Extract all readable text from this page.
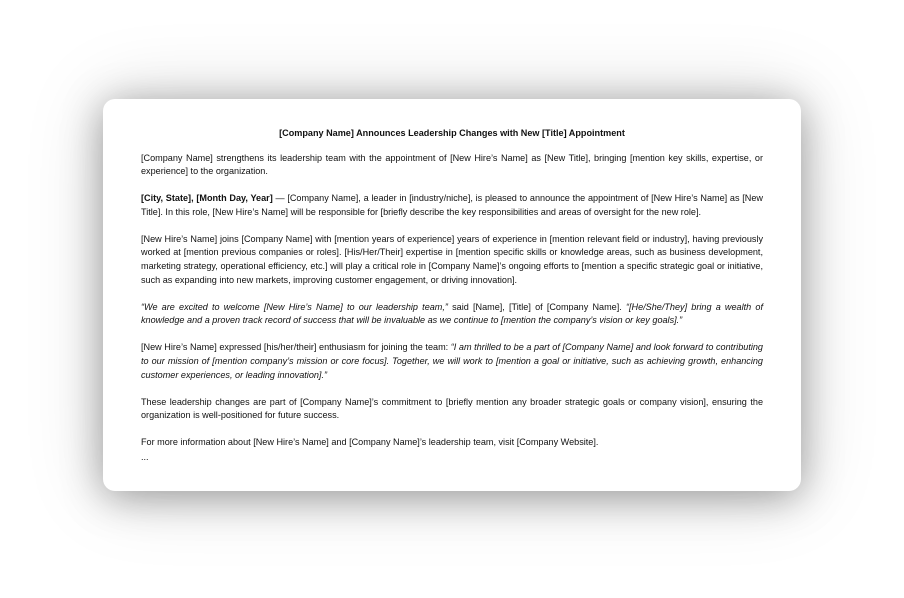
[Company Name] Announces Leadership Changes with New [Title] Appointment

[Company Name] strengthens its leadership team with the appointment of [New Hire’s Name] as [New Title], bringing [mention key skills, expertise, or experience] to the organization.

[City, State], [Month Day, Year] — [Company Name], a leader in [industry/niche], is pleased to announce the appointment of [New Hire’s Name] as [New Title]. In this role, [New Hire’s Name] will be responsible for [briefly describe the key responsibilities and areas of oversight for the new role].

[New Hire’s Name] joins [Company Name] with [mention years of experience] years of experience in [mention relevant field or industry], having previously worked at [mention previous companies or roles]. [His/Her/Their] expertise in [mention specific skills or knowledge areas, such as business development, marketing strategy, operational efficiency, etc.] will play a critical role in [Company Name]’s ongoing efforts to [mention a specific strategic goal or initiative, such as expanding into new markets, improving customer engagement, or driving innovation].

“We are excited to welcome [New Hire’s Name] to our leadership team,” said [Name], [Title] of [Company Name]. “[He/She/They] bring a wealth of knowledge and a proven track record of success that will be invaluable as we continue to [mention the company’s vision or key goals].”

[New Hire’s Name] expressed [his/her/their] enthusiasm for joining the team: “I am thrilled to be a part of [Company Name] and look forward to contributing to our mission of [mention company’s mission or core focus]. Together, we will work to [mention a goal or initiative, such as achieving growth, enhancing customer experiences, or leading innovation].”

These leadership changes are part of [Company Name]’s commitment to [briefly mention any broader strategic goals or company vision], ensuring the organization is well-positioned for future success.

For more information about [New Hire’s Name] and [Company Name]’s leadership team, visit [Company Website].

...
